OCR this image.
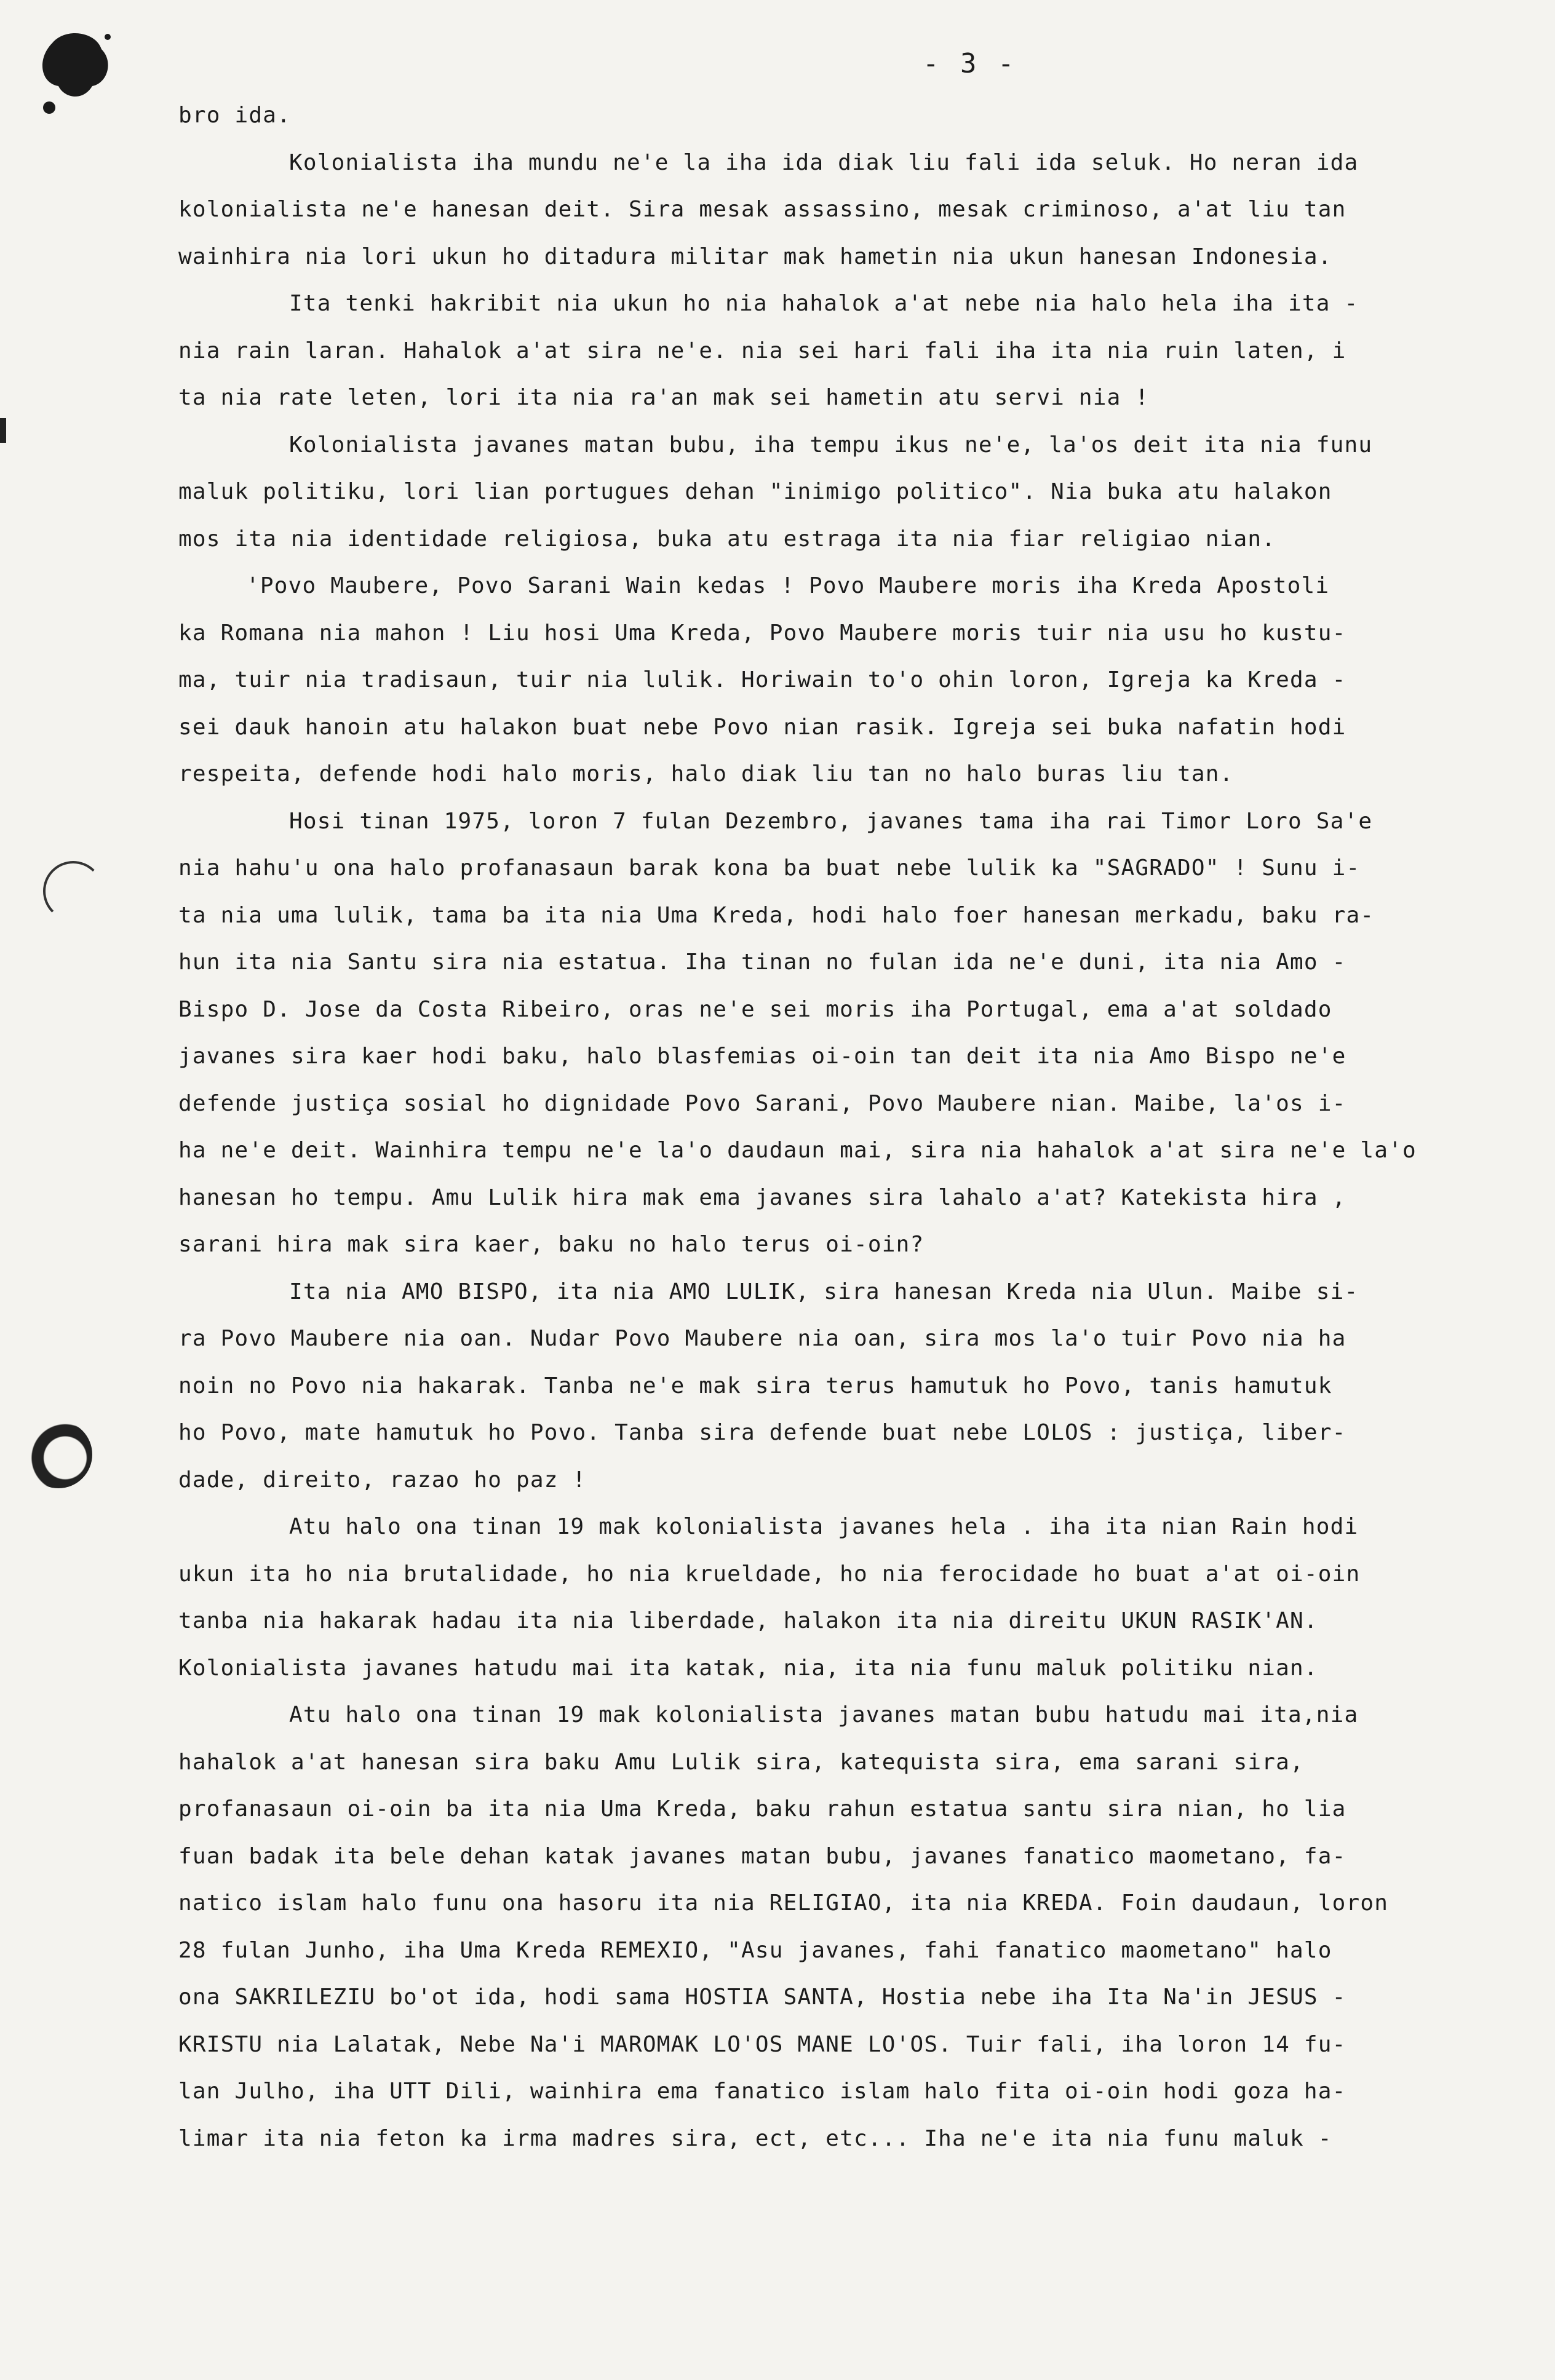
- 3 -
bro ida.
Kolonialista iha mundu ne'e la iha ida diak liu fali ida seluk. Ho neran ida
kolonialista ne'e hanesan deit. Sira mesak assassino, mesak criminoso, a'at liu tan
wainhira nia lori ukun ho ditadura militar mak hametin nia ukun hanesan Indonesia.
Ita tenki hakribit nia ukun ho nia hahalok a'at nebe nia halo hela iha ita -
nia rain laran. Hahalok a'at sira ne'e. nia sei hari fali iha ita nia ruin laten, i
ta nia rate leten, lori ita nia ra'an mak sei hametin atu servi nia !
Kolonialista javanes matan bubu, iha tempu ikus ne'e, la'os deit ita nia funu
maluk politiku, lori lian portugues dehan "inimigo politico". Nia buka atu halakon
mos ita nia identidade religiosa, buka atu estraga ita nia fiar religiao nian.
'Povo Maubere, Povo Sarani Wain kedas ! Povo Maubere moris iha Kreda Apostoli
ka Romana nia mahon ! Liu hosi Uma Kreda, Povo Maubere moris tuir nia usu ho kustu-
ma, tuir nia tradisaun, tuir nia lulik. Horiwain to'o ohin loron, Igreja ka Kreda -
sei dauk hanoin atu halakon buat nebe Povo nian rasik. Igreja sei buka nafatin hodi
respeita, defende hodi halo moris, halo diak liu tan no halo buras liu tan.
Hosi tinan 1975, loron 7 fulan Dezembro, javanes tama iha rai Timor Loro Sa'e
nia hahu'u ona halo profanasaun barak kona ba buat nebe lulik ka "SAGRADO" ! Sunu i-
ta nia uma lulik, tama ba ita nia Uma Kreda, hodi halo foer hanesan merkadu, baku ra-
hun ita nia Santu sira nia estatua. Iha tinan no fulan ida ne'e duni, ita nia Amo -
Bispo D. Jose da Costa Ribeiro, oras ne'e sei moris iha Portugal, ema a'at soldado
javanes sira kaer hodi baku, halo blasfemias oi-oin tan deit ita nia Amo Bispo ne'e
defende justiça sosial ho dignidade Povo Sarani, Povo Maubere nian. Maibe, la'os i-
ha ne'e deit. Wainhira tempu ne'e la'o daudaun mai, sira nia hahalok a'at sira ne'e la'o
hanesan ho tempu. Amu Lulik hira mak ema javanes sira lahalo a'at? Katekista hira ,
sarani hira mak sira kaer, baku no halo terus oi-oin?
Ita nia AMO BISPO, ita nia AMO LULIK, sira hanesan Kreda nia Ulun. Maibe si-
ra Povo Maubere nia oan. Nudar Povo Maubere nia oan, sira mos la'o tuir Povo nia ha
noin no Povo nia hakarak. Tanba ne'e mak sira terus hamutuk ho Povo, tanis hamutuk
ho Povo, mate hamutuk ho Povo. Tanba sira defende buat nebe LOLOS : justiça, liber-
dade, direito, razao ho paz !
Atu halo ona tinan 19 mak kolonialista javanes hela . iha ita nian Rain hodi
ukun ita ho nia brutalidade, ho nia krueldade, ho nia ferocidade ho buat a'at oi-oin
tanba nia hakarak hadau ita nia liberdade, halakon ita nia direitu UKUN RASIK'AN.
Kolonialista javanes hatudu mai ita katak, nia, ita nia funu maluk politiku nian.
Atu halo ona tinan 19 mak kolonialista javanes matan bubu hatudu mai ita,nia
hahalok a'at hanesan sira baku Amu Lulik sira, katequista sira, ema sarani sira,
profanasaun oi-oin ba ita nia Uma Kreda, baku rahun estatua santu sira nian, ho lia
fuan badak ita bele dehan katak javanes matan bubu, javanes fanatico maometano, fa-
natico islam halo funu ona hasoru ita nia RELIGIAO, ita nia KREDA. Foin daudaun, loron
28 fulan Junho, iha Uma Kreda REMEXIO, "Asu javanes, fahi fanatico maometano" halo
ona SAKRILEZIU bo'ot ida, hodi sama HOSTIA SANTA, Hostia nebe iha Ita Na'in JESUS -
KRISTU nia Lalatak, Nebe Na'i MAROMAK LO'OS MANE LO'OS. Tuir fali, iha loron 14 fu-
lan Julho, iha UTT Dili, wainhira ema fanatico islam halo fita oi-oin hodi goza ha-
limar ita nia feton ka irma madres sira, ect, etc... Iha ne'e ita nia funu maluk -
